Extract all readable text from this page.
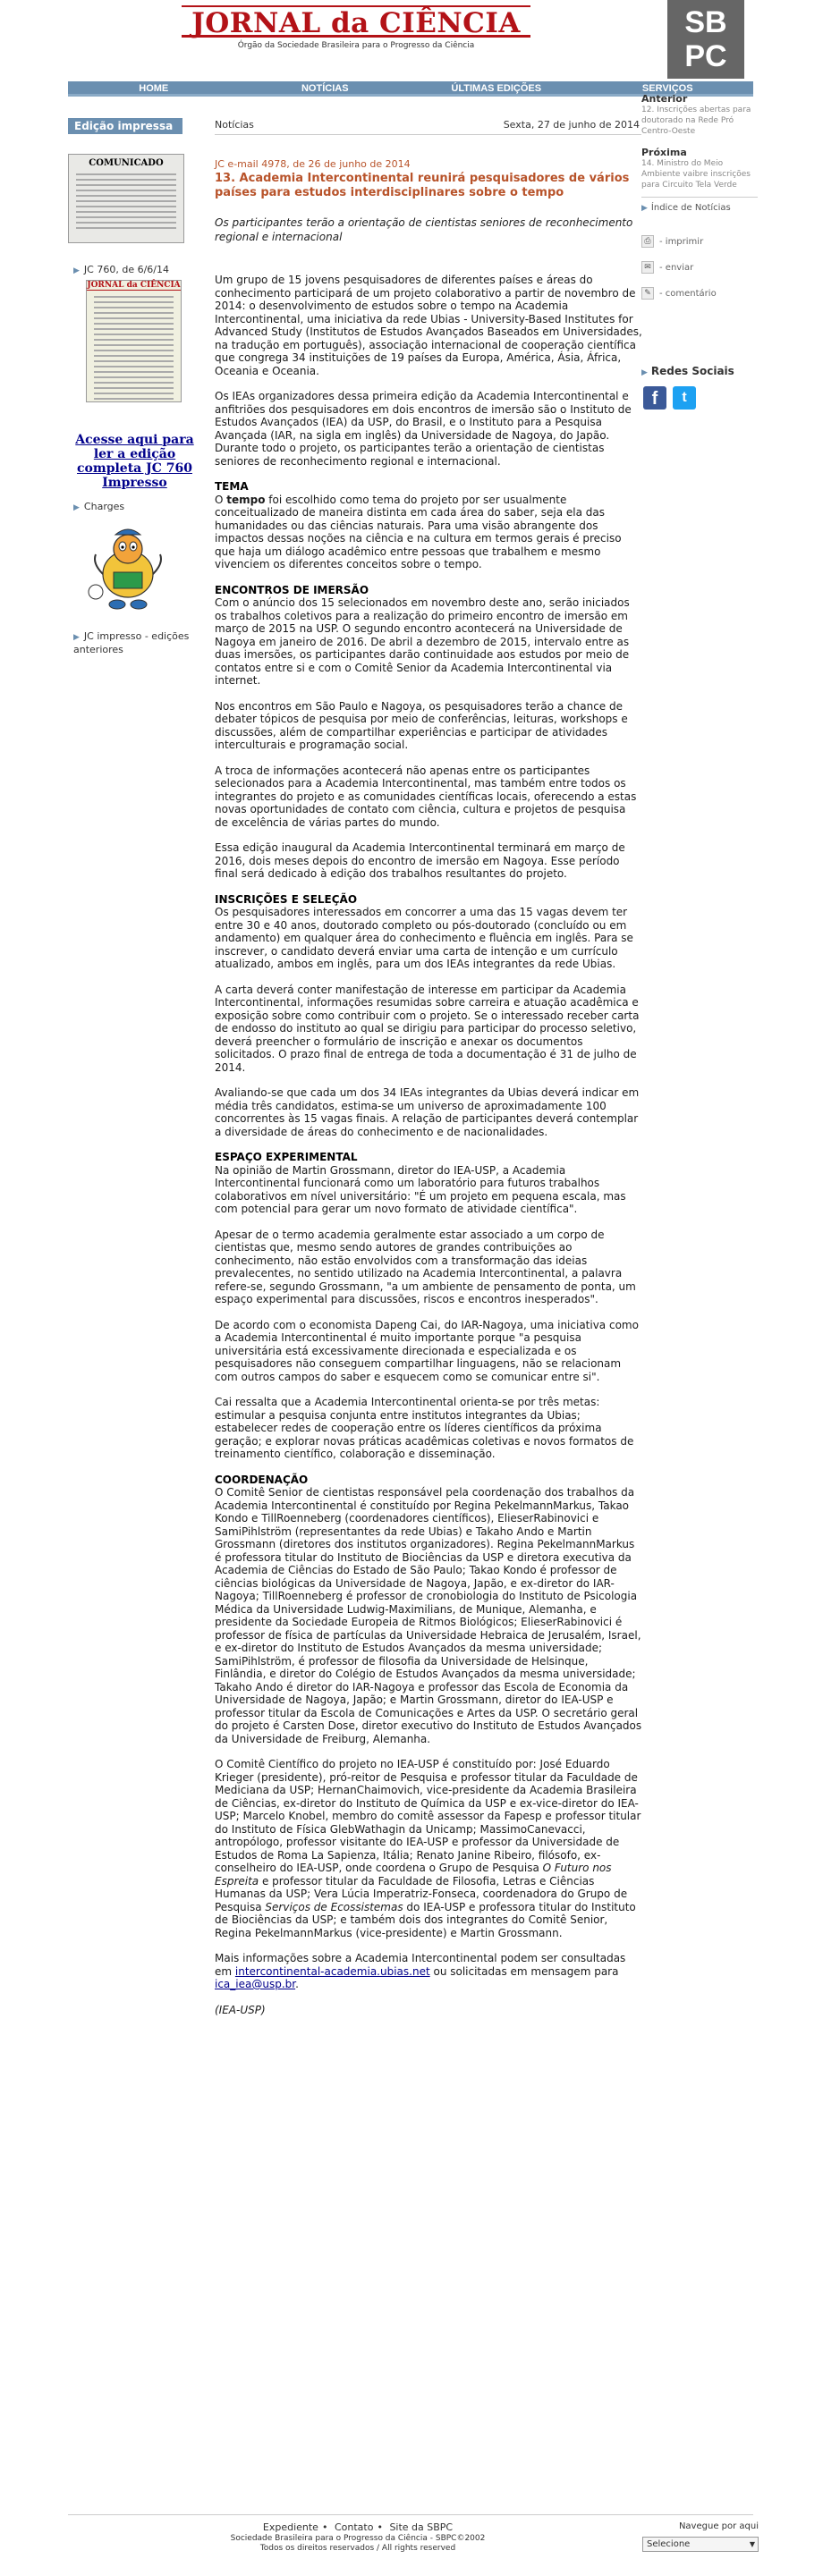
JORNAL da CIÊNCIA
Órgão da Sociedade Brasileira para o Progresso da Ciência
SB
PC
HOME	NOTÍCIAS	ÚLTIMAS EDIÇÕES	SERVIÇOS
Edição impressa
COMUNICADO
▶ JC 760, de 6/6/14
JORNAL da CIÊNCIA
Acesse aqui para ler a edição completa JC 760 Impresso
▶ Charges
▶ JC impresso - edições anteriores
Anterior
12. Inscrições abertas para doutorado na Rede Pró Centro-Oeste
Próxima
14. Ministro do Meio Ambiente vaibre inscrições para Circuito Tela Verde
▶ Índice de Notícias
⎙ - imprimir
✉ - enviar
✎ - comentário
▶ Redes Sociais
f	t
Notícias	Sexta, 27 de junho de 2014
JC e-mail 4978, de 26 de junho de 2014
13. Academia Intercontinental reunirá pesquisadores de vários países para estudos interdisciplinares sobre o tempo
Os participantes terão a orientação de cientistas seniores de reconhecimento regional e internacional

Um grupo de 15 jovens pesquisadores de diferentes países e áreas do conhecimento participará de um projeto colaborativo a partir de novembro de 2014: o desenvolvimento de estudos sobre o tempo na Academia Intercontinental, uma iniciativa da rede Ubias - University-Based Institutes for Advanced Study (Institutos de Estudos Avançados Baseados em Universidades, na tradução em português), associação internacional de cooperação científica que congrega 34 instituições de 19 países da Europa, América, Ásia, África, Oceania e Oceania.

Os IEAs organizadores dessa primeira edição da Academia Intercontinental e anfitriões dos pesquisadores em dois encontros de imersão são o Instituto de Estudos Avançados (IEA) da USP, do Brasil, e o Instituto para a Pesquisa Avançada (IAR, na sigla em inglês) da Universidade de Nagoya, do Japão. Durante todo o projeto, os participantes terão a orientação de cientistas seniores de reconhecimento regional e internacional.

TEMA
O tempo foi escolhido como tema do projeto por ser usualmente conceitualizado de maneira distinta em cada área do saber, seja ela das humanidades ou das ciências naturais. Para uma visão abrangente dos impactos dessas noções na ciência e na cultura em termos gerais é preciso que haja um diálogo acadêmico entre pessoas que trabalhem e mesmo vivenciem os diferentes conceitos sobre o tempo.
ENCONTROS DE IMERSÃO
Com o anúncio dos 15 selecionados em novembro deste ano, serão iniciados os trabalhos coletivos para a realização do primeiro encontro de imersão em março de 2015 na USP. O segundo encontro acontecerá na Universidade de Nagoya em janeiro de 2016. De abril a dezembro de 2015, intervalo entre as duas imersões, os participantes darão continuidade aos estudos por meio de contatos entre si e com o Comitê Senior da Academia Intercontinental via internet.

Nos encontros em São Paulo e Nagoya, os pesquisadores terão a chance de debater tópicos de pesquisa por meio de conferências, leituras, workshops e discussões, além de compartilhar experiências e participar de atividades interculturais e programação social.

A troca de informações acontecerá não apenas entre os participantes selecionados para a Academia Intercontinental, mas também entre todos os integrantes do projeto e as comunidades científicas locais, oferecendo a estas novas oportunidades de contato com ciência, cultura e projetos de pesquisa de excelência de várias partes do mundo.

Essa edição inaugural da Academia Intercontinental terminará em março de 2016, dois meses depois do encontro de imersão em Nagoya. Esse período final será dedicado à edição dos trabalhos resultantes do projeto.

INSCRIÇÕES E SELEÇÃO
Os pesquisadores interessados em concorrer a uma das 15 vagas devem ter entre 30 e 40 anos, doutorado completo ou pós-doutorado (concluído ou em andamento) em qualquer área do conhecimento e fluência em inglês. Para se inscrever, o candidato deverá enviar uma carta de intenção e um currículo atualizado, ambos em inglês, para um dos IEAs integrantes da rede Ubias.

A carta deverá conter manifestação de interesse em participar da Academia Intercontinental, informações resumidas sobre carreira e atuação acadêmica e exposição sobre como contribuir com o projeto. Se o interessado receber carta de endosso do instituto ao qual se dirigiu para participar do processo seletivo, deverá preencher o formulário de inscrição e anexar os documentos solicitados. O prazo final de entrega de toda a documentação é 31 de julho de 2014.

Avaliando-se que cada um dos 34 IEAs integrantes da Ubias deverá indicar em média três candidatos, estima-se um universo de aproximadamente 100 concorrentes às 15 vagas finais. A relação de participantes deverá contemplar a diversidade de áreas do conhecimento e de nacionalidades.

ESPAÇO EXPERIMENTAL
Na opinião de Martin Grossmann, diretor do IEA-USP, a Academia Intercontinental funcionará como um laboratório para futuros trabalhos colaborativos em nível universitário: "É um projeto em pequena escala, mas com potencial para gerar um novo formato de atividade científica".

Apesar de o termo academia geralmente estar associado a um corpo de cientistas que, mesmo sendo autores de grandes contribuições ao conhecimento, não estão envolvidos com a transformação das ideias prevalecentes, no sentido utilizado na Academia Intercontinental, a palavra refere-se, segundo Grossmann, "a um ambiente de pensamento de ponta, um espaço experimental para discussões, riscos e encontros inesperados".

De acordo com o economista Dapeng Cai, do IAR-Nagoya, uma iniciativa como a Academia Intercontinental é muito importante porque "a pesquisa universitária está excessivamente direcionada e especializada e os pesquisadores não conseguem compartilhar linguagens, não se relacionam com outros campos do saber e esquecem como se comunicar entre si".

Cai ressalta que a Academia Intercontinental orienta-se por três metas: estimular a pesquisa conjunta entre institutos integrantes da Ubias; estabelecer redes de cooperação entre os líderes científicos da próxima geração; e explorar novas práticas acadêmicas coletivas e novos formatos de treinamento científico, colaboração e disseminação.

COORDENAÇÃO
O Comitê Senior de cientistas responsável pela coordenação dos trabalhos da Academia Intercontinental é constituído por Regina PekelmannMarkus, Takao Kondo e TillRoenneberg (coordenadores científicos), ElieserRabinovici e SamiPihlström (representantes da rede Ubias) e Takaho Ando e Martin Grossmann (diretores dos institutos organizadores). Regina PekelmannMarkus é professora titular do Instituto de Biociências da USP e diretora executiva da Academia de Ciências do Estado de São Paulo; Takao Kondo é professor de ciências biológicas da Universidade de Nagoya, Japão, e ex-diretor do IAR-Nagoya; TillRoenneberg é professor de cronobiologia do Instituto de Psicologia Médica da Universidade Ludwig-Maximilians, de Munique, Alemanha, e presidente da Sociedade Europeia de Ritmos Biológicos; ElieserRabinovici é professor de física de partículas da Universidade Hebraica de Jerusalém, Israel, e ex-diretor do Instituto de Estudos Avançados da mesma universidade; SamiPihlström, é professor de filosofia da Universidade de Helsinque, Finlândia, e diretor do Colégio de Estudos Avançados da mesma universidade; Takaho Ando é diretor do IAR-Nagoya e professor das Escola de Economia da Universidade de Nagoya, Japão; e Martin Grossmann, diretor do IEA-USP e professor titular da Escola de Comunicações e Artes da USP. O secretário geral do projeto é Carsten Dose, diretor executivo do Instituto de Estudos Avançados da Universidade de Freiburg, Alemanha.

O Comitê Científico do projeto no IEA-USP é constituído por: José Eduardo Krieger (presidente), pró-reitor de Pesquisa e professor titular da Faculdade de Mediciana da USP; HernanChaimovich, vice-presidente da Academia Brasileira de Ciências, ex-diretor do Instituto de Química da USP e ex-vice-diretor do IEA-USP; Marcelo Knobel, membro do comitê assessor da Fapesp e professor titular do Instituto de Física GlebWathagin da Unicamp; MassimoCanevacci, antropólogo, professor visitante do IEA-USP e professor da Universidade de Estudos de Roma La Sapienza, Itália; Renato Janine Ribeiro, filósofo, ex-conselheiro do IEA-USP, onde coordena o Grupo de Pesquisa O Futuro nos Espreita e professor titular da Faculdade de Filosofia, Letras e Ciências Humanas da USP; Vera Lúcia Imperatriz-Fonseca, coordenadora do Grupo de Pesquisa Serviços de Ecossistemas do IEA-USP e professora titular do Instituto de Biociências da USP; e também dois dos integrantes do Comitê Senior, Regina PekelmannMarkus (vice-presidente) e Martin Grossmann.

Mais informações sobre a Academia Intercontinental podem ser consultadas em intercontinental-academia.ubias.net ou solicitadas em mensagem para ica_iea@usp.br.

(IEA-USP)

Expediente • Contato • Site da SBPC
Sociedade Brasileira para o Progresso da Ciência - SBPC©2002
Todos os direitos reservados / All rights reserved
Navegue por aqui
Selecione	▼
